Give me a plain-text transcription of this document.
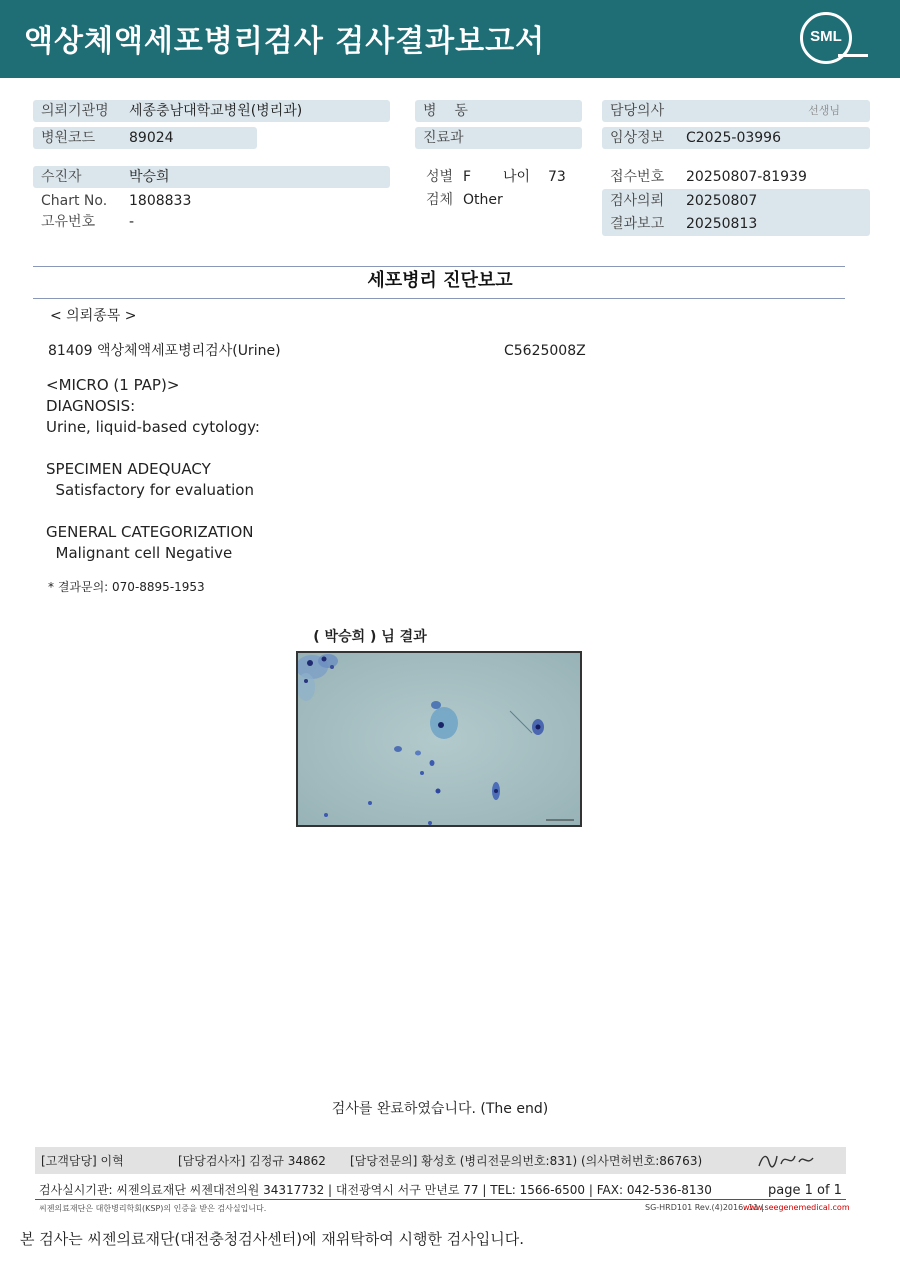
액상체액세포병리검사 검사결과보고서	SML
의뢰기관명 세종충남대학교병원(병리과)
병원코드 89024
수진자	박승희
Chart No. 1808833
고유번호 -
병    동
진료과
성별 F 나이 73
검체 Other
담당의사	선생님
임상정보 C2025-03996
접수번호 20250807-81939
검사의뢰 20250807
결과보고 20250813
세포병리 진단보고
< 의뢰종목 >
81409 액상체액세포병리검사(Urine)	C5625008Z
<MICRO (1 PAP)>
DIAGNOSIS:
Urine, liquid-based cytology:
SPECIMEN ADEQUACY
Satisfactory for evaluation
GENERAL CATEGORIZATION
Malignant cell Negative
* 결과문의: 070-8895-1953
( 박승희 ) 님 결과
검사를 완료하였습니다. (The end)
[고객담당] 이혁	[담당검사자] 김정규 34862 [담당전문의] 황성호 (병리전문의번호:831) (의사면허번호:86763)
검사실시기관: 씨젠의료재단 씨젠대전의원 34317732 | 대전광역시 서구 만년로 77 | TEL: 1566-6500 | FAX: 042-536-8130	page 1 of 1
씨젠의료재단은 대한병리학회(KSP)의 인증을 받은 검사실입니다.	SG-HRD101 Rev.(4)2016. 11 |
www.seegenemedical.com
본 검사는 씨젠의료재단(대전충청검사센터)에 재위탁하여 시행한 검사입니다.
